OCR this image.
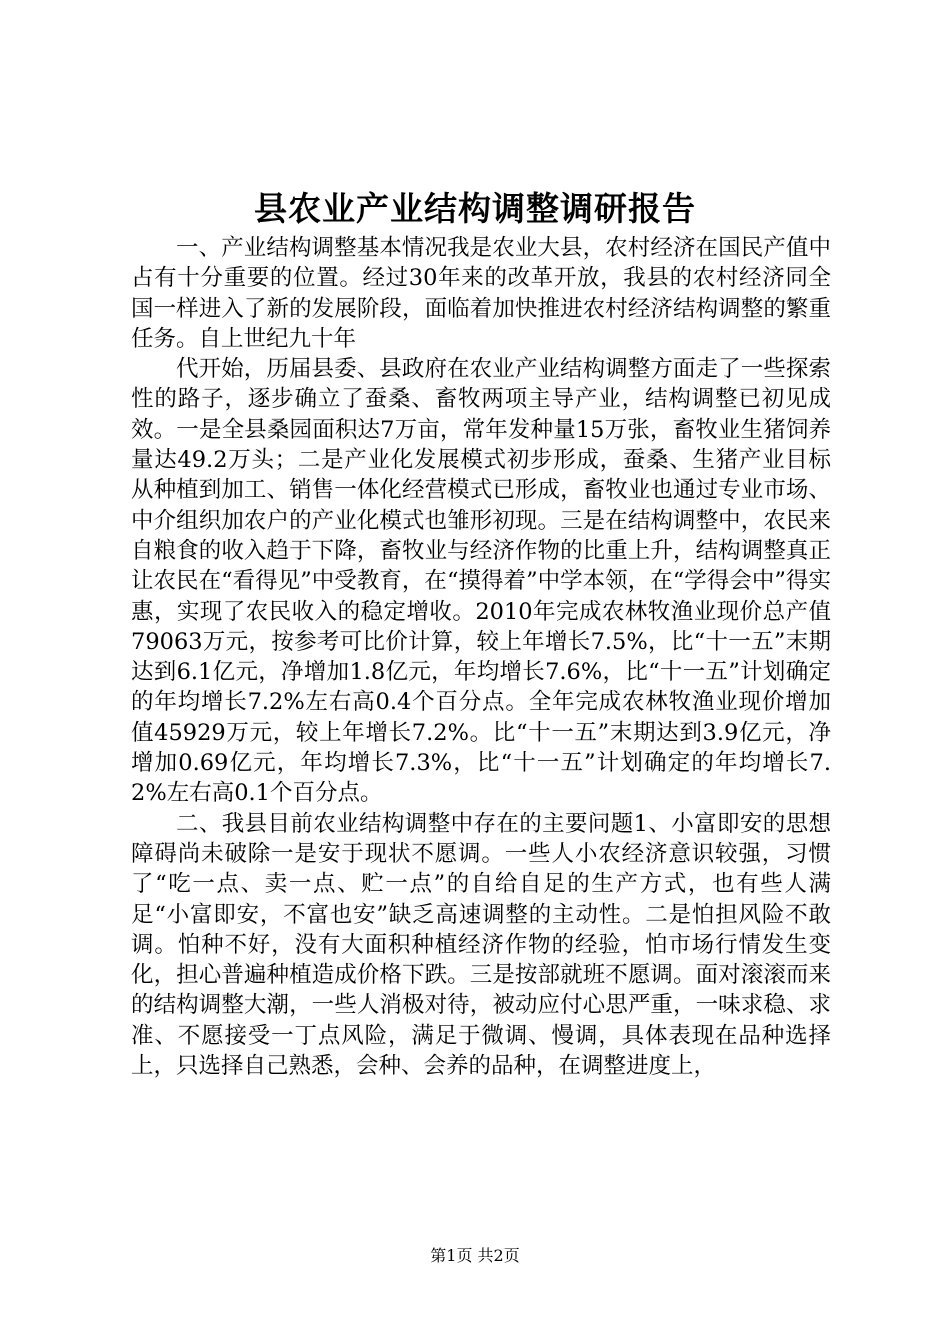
县农业产业结构调整调研报告

一、产业结构调整基本情况我是农业大县，农村经济在国民产值中占有十分重要的位置。经过30年来的改革开放，我县的农村经济同全国一样进入了新的发展阶段，面临着加快推进农村经济结构调整的繁重任务。自上世纪九十年

代开始，历届县委、县政府在农业产业结构调整方面走了一些探索性的路子，逐步确立了蚕桑、畜牧两项主导产业，结构调整已初见成效。一是全县桑园面积达7万亩，常年发种量15万张，畜牧业生猪饲养量达49.2万头；二是产业化发展模式初步形成，蚕桑、生猪产业目标从种植到加工、销售一体化经营模式已形成，畜牧业也通过专业市场、中介组织加农户的产业化模式也雏形初现。三是在结构调整中，农民来自粮食的收入趋于下降，畜牧业与经济作物的比重上升，结构调整真正让农民在“看得见”中受教育，在“摸得着”中学本领，在“学得会中”得实惠，实现了农民收入的稳定增收。2010年完成农林牧渔业现价总产值79063万元，按参考可比价计算，较上年增长7.5%，比“十一五”末期达到6.1亿元，净增加1.8亿元，年均增长7.6%，比“十一五”计划确定的年均增长7.2%左右高0.4个百分点。全年完成农林牧渔业现价增加值45929万元，较上年增长7.2%。比“十一五”末期达到3.9亿元，净增加0.69亿元，年均增长7.3%，比“十一五”计划确定的年均增长7.2%左右高0.1个百分点。

二、我县目前农业结构调整中存在的主要问题1、小富即安的思想障碍尚未破除一是安于现状不愿调。一些人小农经济意识较强，习惯了“吃一点、卖一点、贮一点”的自给自足的生产方式，也有些人满足“小富即安，不富也安”缺乏高速调整的主动性。二是怕担风险不敢调。怕种不好，没有大面积种植经济作物的经验，怕市场行情发生变化，担心普遍种植造成价格下跌。三是按部就班不愿调。面对滚滚而来的结构调整大潮，一些人消极对待，被动应付心思严重，一味求稳、求准、不愿接受一丁点风险，满足于微调、慢调，具体表现在品种选择上，只选择自己熟悉，会种、会养的品种，在调整进度上，

第1页 共2页
